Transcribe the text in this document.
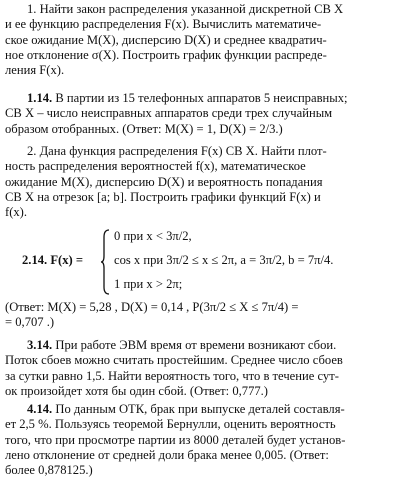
1. Найти закон распределения указанной дискретной СВ X
и ее функцию распределения F(x). Вычислить математиче-
ское ожидание M(X), дисперсию D(X) и среднее квадратич-
ное отклонение σ(X). Построить график функции распреде-
ления F(x).
1.14. В партии из 15 телефонных аппаратов 5 неисправных;
СВ X – число неисправных аппаратов среди трех случайным
образом отобранных. (Ответ: M(X) = 1, D(X) = 2/3.)
2. Дана функция распределения F(x) СВ X. Найти плот-
ность распределения вероятностей f(x), математическое
ожидание M(X), дисперсию D(X) и вероятность попадания
СВ X на отрезок [a; b]. Построить графики функций F(x) и
f(x).
2.14. F(x) =
0 при x < 3π/2,
cos x при 3π/2 ≤ x ≤ 2π, a = 3π/2, b = 7π/4.
1 при x > 2π;
(Ответ: M(X) = 5,28 , D(X) = 0,14 , P(3π/2 ≤ X ≤ 7π/4) =
= 0,707 .)
3.14. При работе ЭВМ время от времени возникают сбои.
Поток сбоев можно считать простейшим. Среднее число сбоев
за сутки равно 1,5. Найти вероятность того, что в течение сут-
ок произойдет хотя бы один сбой. (Ответ: 0,777.)
4.14. По данным ОТК, брак при выпуске деталей составля-
ет 2,5 %. Пользуясь теоремой Бернулли, оценить вероятность
того, что при просмотре партии из 8000 деталей будет установ-
лено отклонение от средней доли брака менее 0,005. (Ответ:
более 0,878125.)
